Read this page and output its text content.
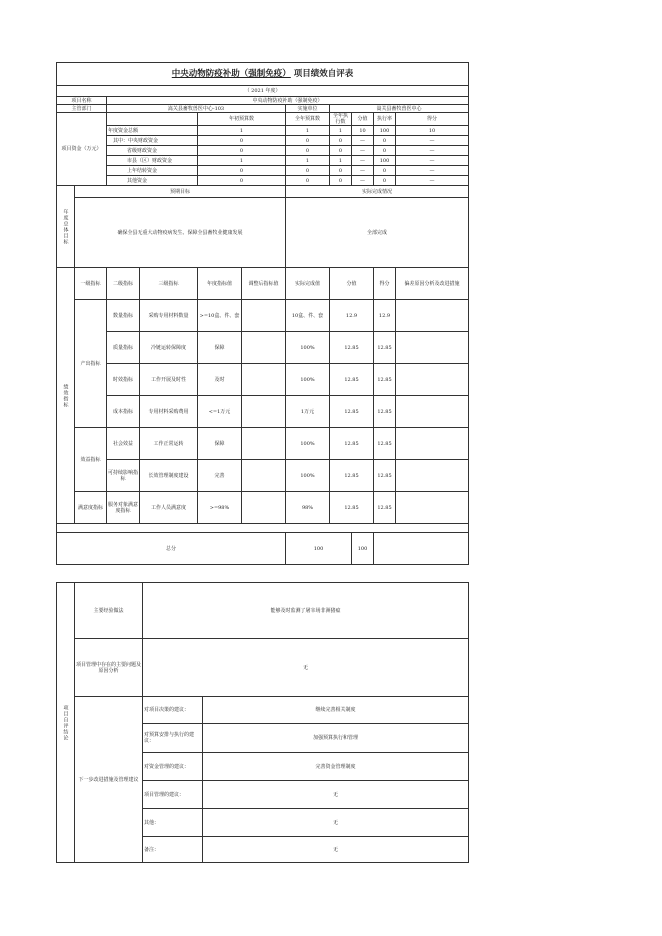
中央动物防疫补助（强制免疫） 项目绩效自评表										
（ 2021 年度）										
项目名称		中央动物防疫补助（强制免疫）								
主管部门		嵩关县畜牧兽医中心-103				实施单位	嵩关县畜牧兽医中心			
项目资金（万元）				年初预算数		全年预算数	全年执行数	分值	执行率	得分
		年度资金总额		1		1	1	10	100	10
		其中：中央财政资金		0		0	0	—	0	—
		省级财政资金		0		0	0	—	0	—
		市县（区）财政资金		1		1	1	—	100	—
		上年结转资金		0		0	0	—	0	—
		其他资金		0		0	0	—	0	—
年度总体目标	预期目标					实际完成情况				
	确保全县无重大动物疫病发生、保障全县畜牧业健康发展					全部完成				
绩效指标	一级指标	二级指标	三级指标	年度指标值	调整后指标值	实际完成值	分值		得分	偏差原因分析及改进措施
	产出指标	数量指标	采购专用材料数量	>=10盒、件、套		10盒、件、套	12.9		12.9	
		质量指标	冷链运转保障度	保障		100%	12.85		12.85	
		时效指标	工作开展及时性	及时		100%	12.85		12.85	
		成本指标	专用材料采购费用	<=1万元		1万元	12.85		12.85	
	效益指标	社会效益	工作正常运转	保障		100%	12.85		12.85	
		可持续影响指标	长效管理制度建设	完善		100%	12.85		12.85	
	满意度指标	服务对象满意度指标	工作人员满意度	>=98%		98%	12.85		12.85	

总分						100		100		
项目自评结论	主要经验做法	能够及时监测了屠宰场非洲猪瘟	
	项目管理中存在的主要问题及原因分析	无	
	下一步改进措施及管理建议	对项目决策的建议：	继续完善相关制度
		对预算安排与执行的建议：	加强预算执行和管理
		对资金管理的建议：	完善资金管理制度
		项目管理的建议：	无
		其他：	无
		备注：	无
